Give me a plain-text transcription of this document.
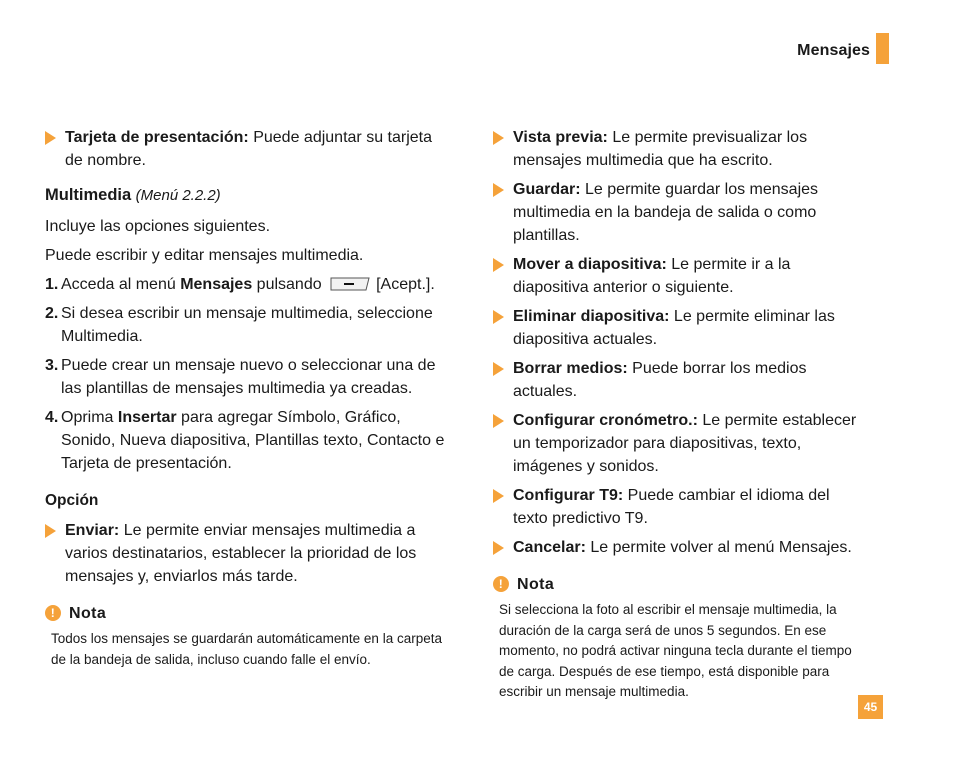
Mensajes
Tarjeta de presentación: Puede adjuntar su tarjeta de nombre.
Multimedia (Menú 2.2.2)
Incluye las opciones siguientes.
Puede escribir y editar mensajes multimedia.
1. Acceda al menú Mensajes pulsando	[Acept.].
2. Si desea escribir un mensaje multimedia, seleccione Multimedia.
3. Puede crear un mensaje nuevo o seleccionar una de las plantillas de mensajes multimedia ya creadas.
4. Oprima Insertar para agregar Símbolo, Gráfico, Sonido, Nueva diapositiva, Plantillas texto, Contacto e Tarjeta de presentación.
Opción
Enviar: Le permite enviar mensajes multimedia a varios destinatarios, establecer la prioridad de los mensajes y, enviarlos más tarde.
! Nota
Todos los mensajes se guardarán automáticamente en la carpeta de la bandeja de salida, incluso cuando falle el envío.
Vista previa: Le permite previsualizar los mensajes multimedia que ha escrito.
Guardar: Le permite guardar los mensajes multimedia en la bandeja de salida o como plantillas.
Mover a diapositiva: Le permite ir a la diapositiva anterior o siguiente.
Eliminar diapositiva: Le permite eliminar las diapositiva actuales.
Borrar medios: Puede borrar los medios actuales.
Configurar cronómetro.: Le permite establecer un temporizador para diapositivas, texto, imágenes y sonidos.
Configurar T9: Puede cambiar el idioma del texto predictivo T9.
Cancelar: Le permite volver al menú Mensajes.
! Nota
Si selecciona la foto al escribir el mensaje multimedia, la duración de la carga será de unos 5 segundos. En ese momento, no podrá activar ninguna tecla durante el tiempo de carga. Después de ese tiempo, está disponible para escribir un mensaje multimedia.
45
